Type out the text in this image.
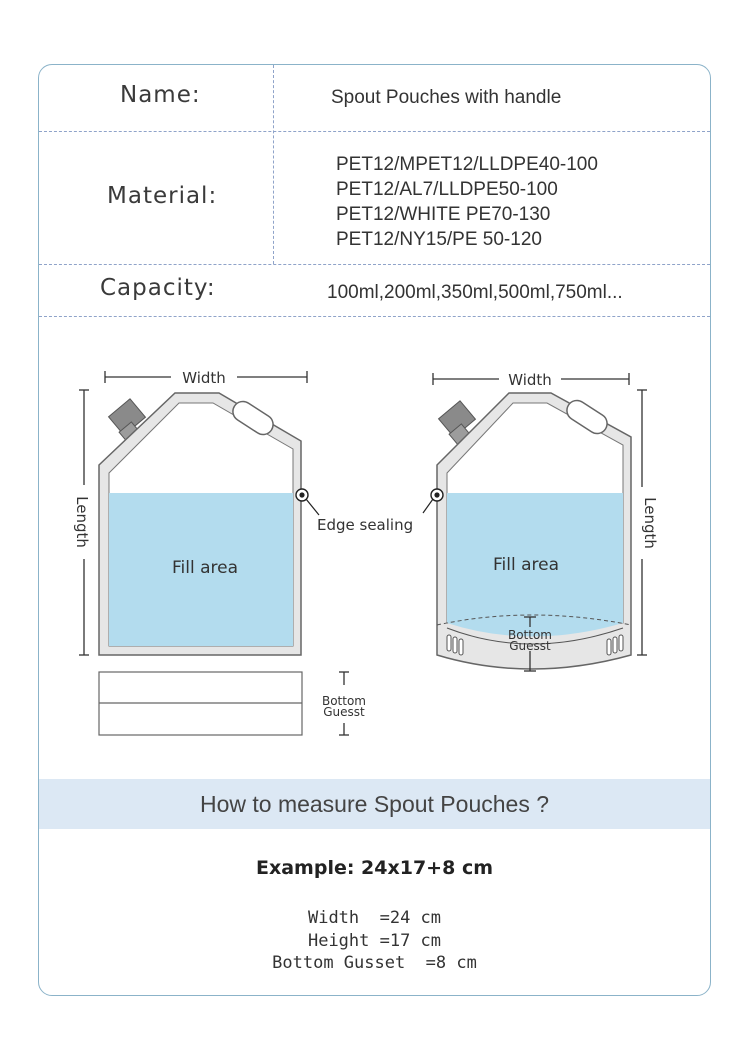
Name:	Spout Pouches with handle
Material:
PET12/MPET12/LLDPE40-100
PET12/AL7/LLDPE50-100
PET12/WHITE PE70-130
PET12/NY15/PE 50-120
Capacity:	100ml,200ml,350ml,500ml,750ml...
Width
Length
Fill area
Edge sealing
Bottom
Guesst
Width
Length
Fill area
Bottom
Guesst
How to measure Spout Pouches ?
Example: 24x17+8 cm
Width  =24 cm
Height =17 cm
Bottom Gusset  =8 cm
